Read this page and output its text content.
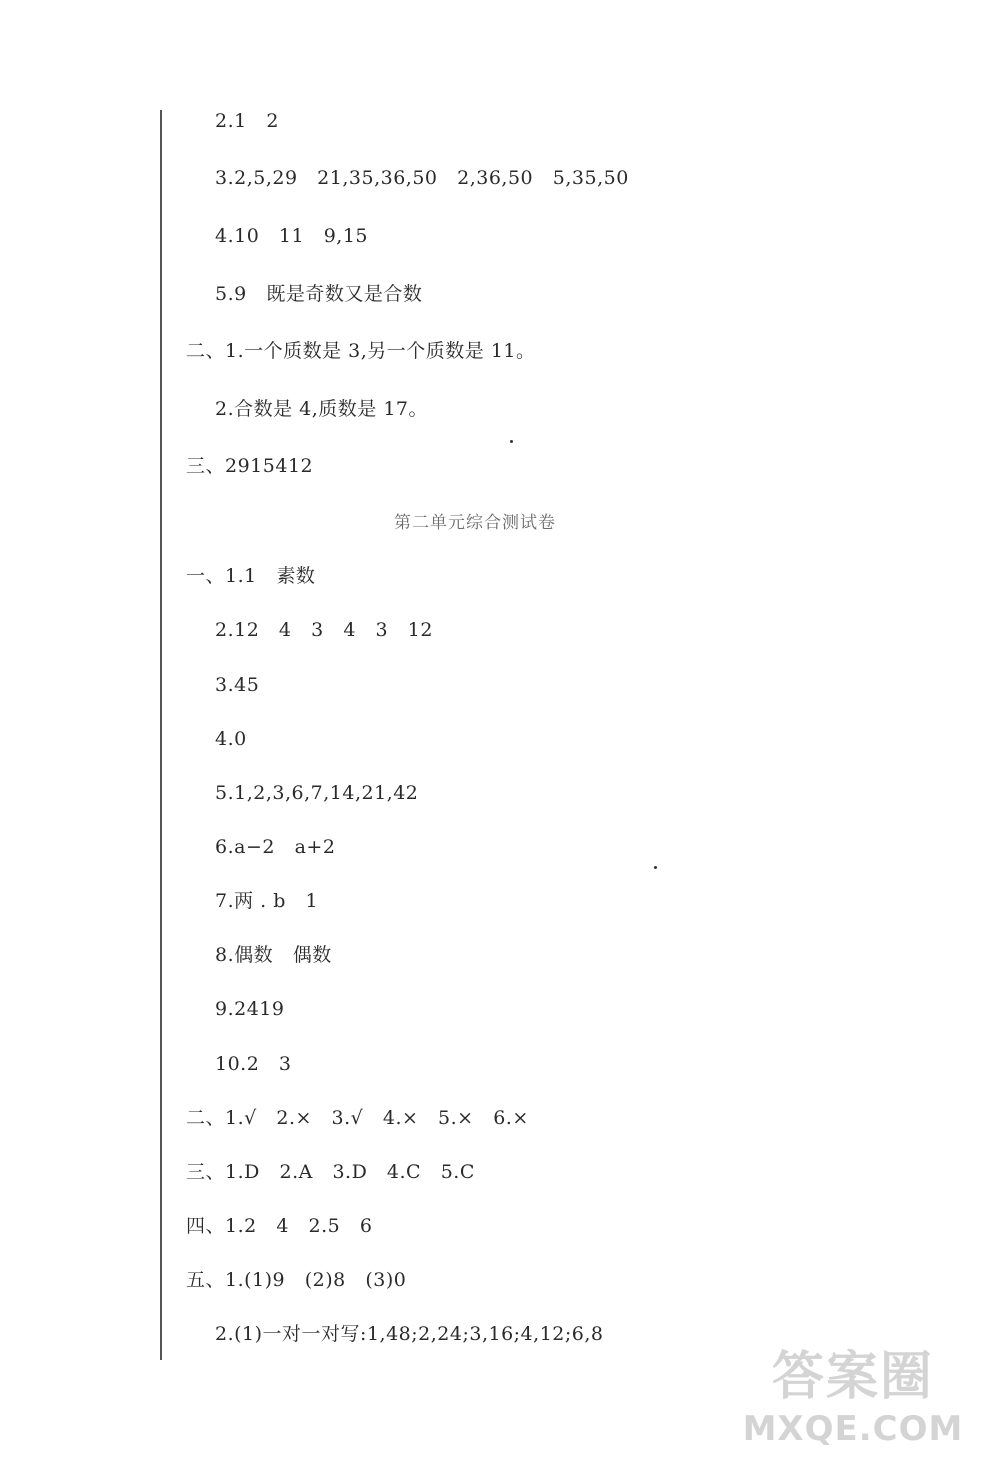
2.1   2
3.2,5,29   21,35,36,50   2,36,50   5,35,50
4.10   11   9,15
5.9   既是奇数又是合数
二、1.一个质数是 3,另一个质数是 11。
2.合数是 4,质数是 17。
三、2915412
第二单元综合测试卷
一、1.1   素数
2.12   4   3   4   3   12
3.45
4.0
5.1,2,3,6,7,14,21,42
6.a−2   a+2
7.两 . b   1
8.偶数   偶数
9.2419
10.2   3
二、1.√   2.×   3.√   4.×   5.×   6.×
三、1.D   2.A   3.D   4.C   5.C
四、1.2   4   2.5   6
五、1.(1)9   (2)8   (3)0
2.(1)一对一对写:1,48;2,24;3,16;4,12;6,8
答案圈
MXQE.COM
